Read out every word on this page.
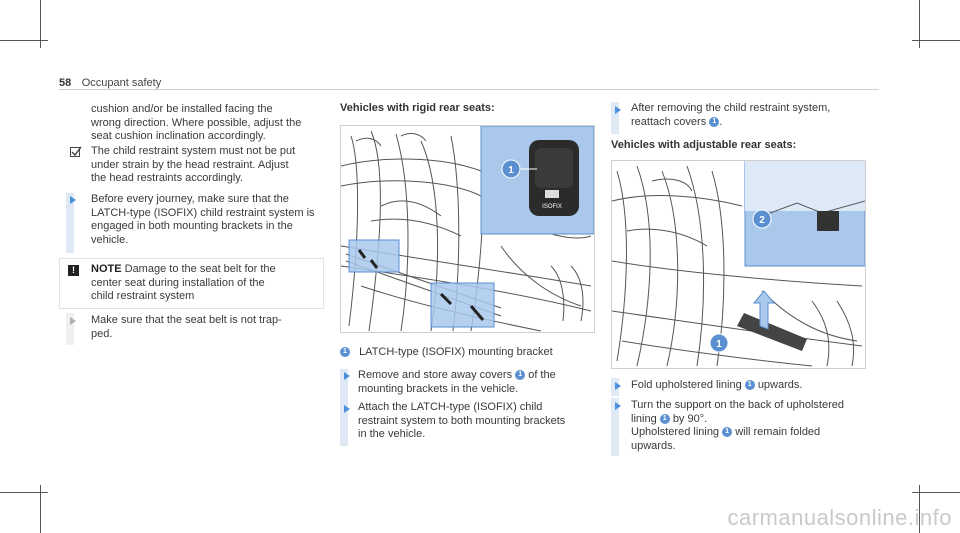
58 Occupant safety
cushion and/or be installed facing the
wrong direction. Where possible, adjust the
seat cushion inclination accordingly.
The child restraint system must not be put
under strain by the head restraint. Adjust
the head restraints accordingly.
Before every journey, make sure that the
LATCH-type (ISOFIX) child restraint system is
engaged in both mounting brackets in the
vehicle.
!	NOTE Damage to the seat belt for the
center seat during installation of the
child restraint system
Make sure that the seat belt is not trap-
ped.
Vehicles with rigid rear seats:
ISOFIX
1
1 LATCH-type (ISOFIX) mounting bracket
Remove and store away covers 1 of the
mounting brackets in the vehicle.
Attach the LATCH-type (ISOFIX) child
restraint system to both mounting brackets
in the vehicle.
After removing the child restraint system,
reattach covers 1 .
Vehicles with adjustable rear seats:
2
1
Fold upholstered lining 1 upwards.
Turn the support on the back of upholstered
lining 1 by 90°.
Upholstered lining 1 will remain folded
upwards.
carmanualsonline.info
